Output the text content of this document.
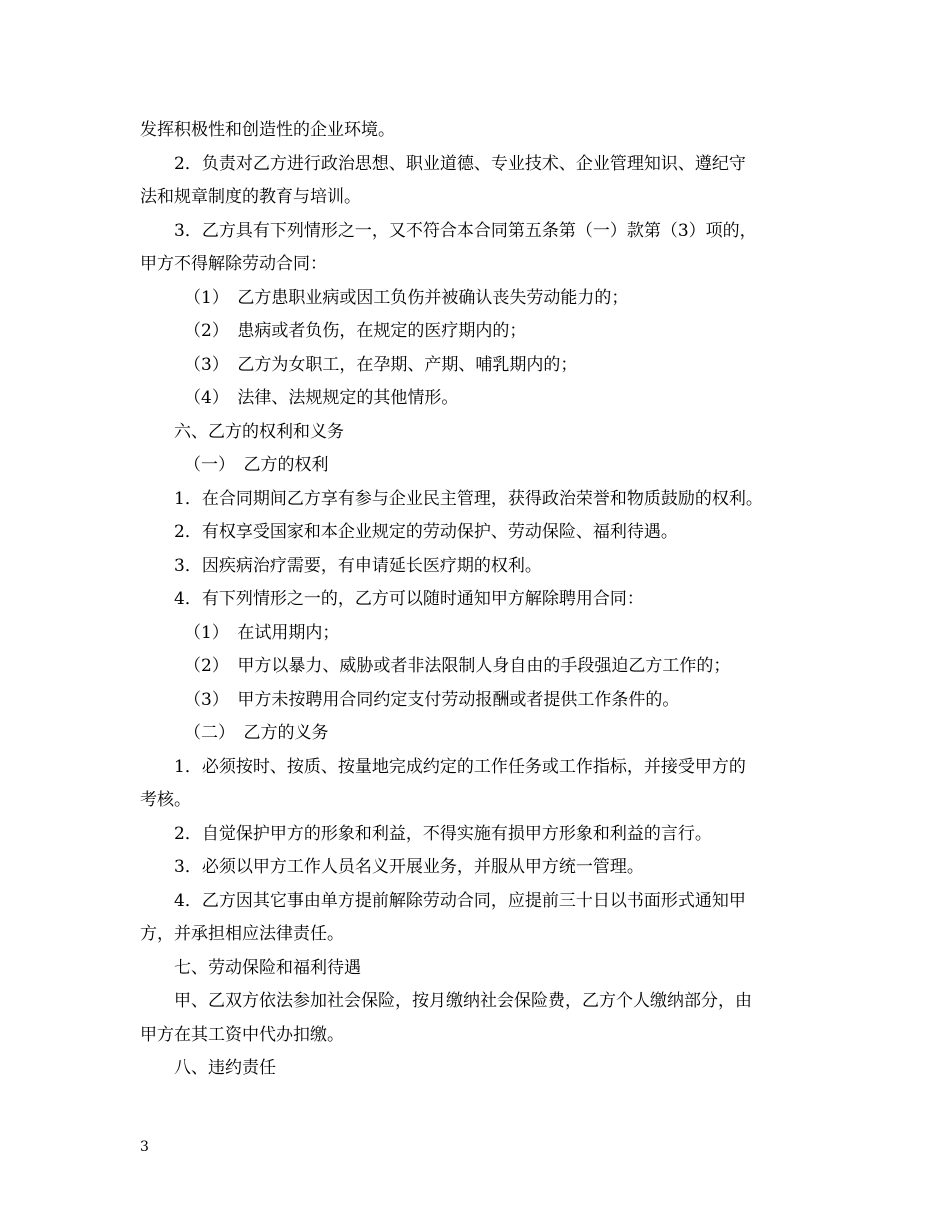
发挥积极性和创造性的企业环境。
2．负责对乙方进行政治思想、职业道德、专业技术、企业管理知识、遵纪守
法和规章制度的教育与培训。
3．乙方具有下列情形之一，又不符合本合同第五条第（一）款第（3）项的，
甲方不得解除劳动合同：
（1）　乙方患职业病或因工负伤并被确认丧失劳动能力的；
（2）　患病或者负伤，在规定的医疗期内的；
（3）　乙方为女职工，在孕期、产期、哺乳期内的；
（4）　法律、法规规定的其他情形。
六、乙方的权利和义务
（一）　乙方的权利
1．在合同期间乙方享有参与企业民主管理，获得政治荣誉和物质鼓励的权利。
2．有权享受国家和本企业规定的劳动保护、劳动保险、福利待遇。
3．因疾病治疗需要，有申请延长医疗期的权利。
4．有下列情形之一的，乙方可以随时通知甲方解除聘用合同：
（1）　在试用期内；
（2）　甲方以暴力、威胁或者非法限制人身自由的手段强迫乙方工作的；
（3）　甲方未按聘用合同约定支付劳动报酬或者提供工作条件的。
（二）　乙方的义务
1．必须按时、按质、按量地完成约定的工作任务或工作指标，并接受甲方的
考核。
2．自觉保护甲方的形象和利益，不得实施有损甲方形象和利益的言行。
3．必须以甲方工作人员名义开展业务，并服从甲方统一管理。
4．乙方因其它事由单方提前解除劳动合同，应提前三十日以书面形式通知甲
方，并承担相应法律责任。
七、劳动保险和福利待遇
甲、乙双方依法参加社会保险，按月缴纳社会保险费，乙方个人缴纳部分，由
甲方在其工资中代办扣缴。
八、违约责任
3
